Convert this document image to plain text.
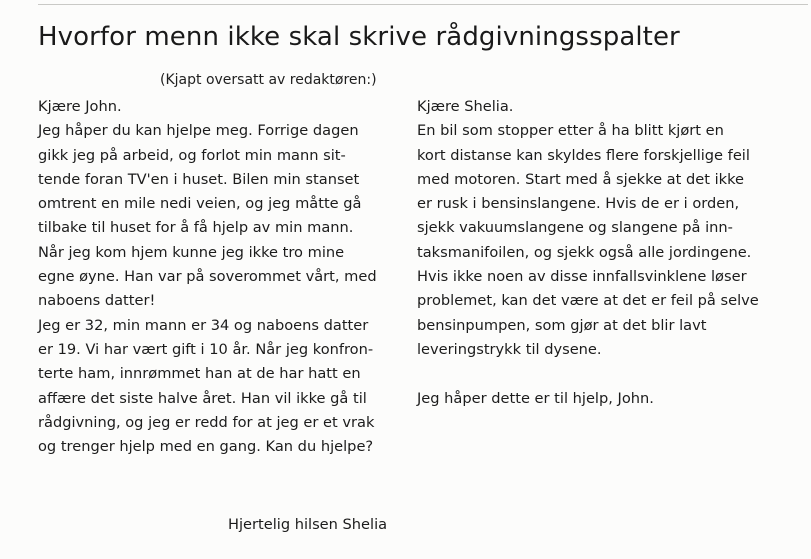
Hvorfor menn ikke skal skrive rådgivningsspalter
(Kjapt oversatt av redaktøren:)
Kjære John.
Jeg håper du kan hjelpe meg. Forrige dagen
gikk jeg på arbeid, og forlot min mann sit-
tende foran TV'en i huset. Bilen min stanset
omtrent en mile nedi veien, og jeg måtte gå
tilbake til huset for å få hjelp av min mann.
Når jeg kom hjem kunne jeg ikke tro mine
egne øyne. Han var på soverommet vårt, med
naboens datter!
Jeg er 32, min mann er 34 og naboens datter
er 19. Vi har vært gift i 10 år. Når jeg konfron-
terte ham, innrømmet han at de har hatt en
affære det siste halve året. Han vil ikke gå til
rådgivning, og jeg er redd for at jeg er et vrak
og trenger hjelp med en gang. Kan du hjelpe?
Kjære Shelia.
En bil som stopper etter å ha blitt kjørt en
kort distanse kan skyldes flere forskjellige feil
med motoren. Start med å sjekke at det ikke
er rusk i bensinslangene. Hvis de er i orden,
sjekk vakuumslangene og slangene på inn-
taksmanifoilen, og sjekk også alle jordingene.
Hvis ikke noen av disse innfallsvinklene løser
problemet, kan det være at det er feil på selve
bensinpumpen, som gjør at det blir lavt
leveringstrykk til dysene.
Jeg håper dette er til hjelp, John.
Hjertelig hilsen Shelia
